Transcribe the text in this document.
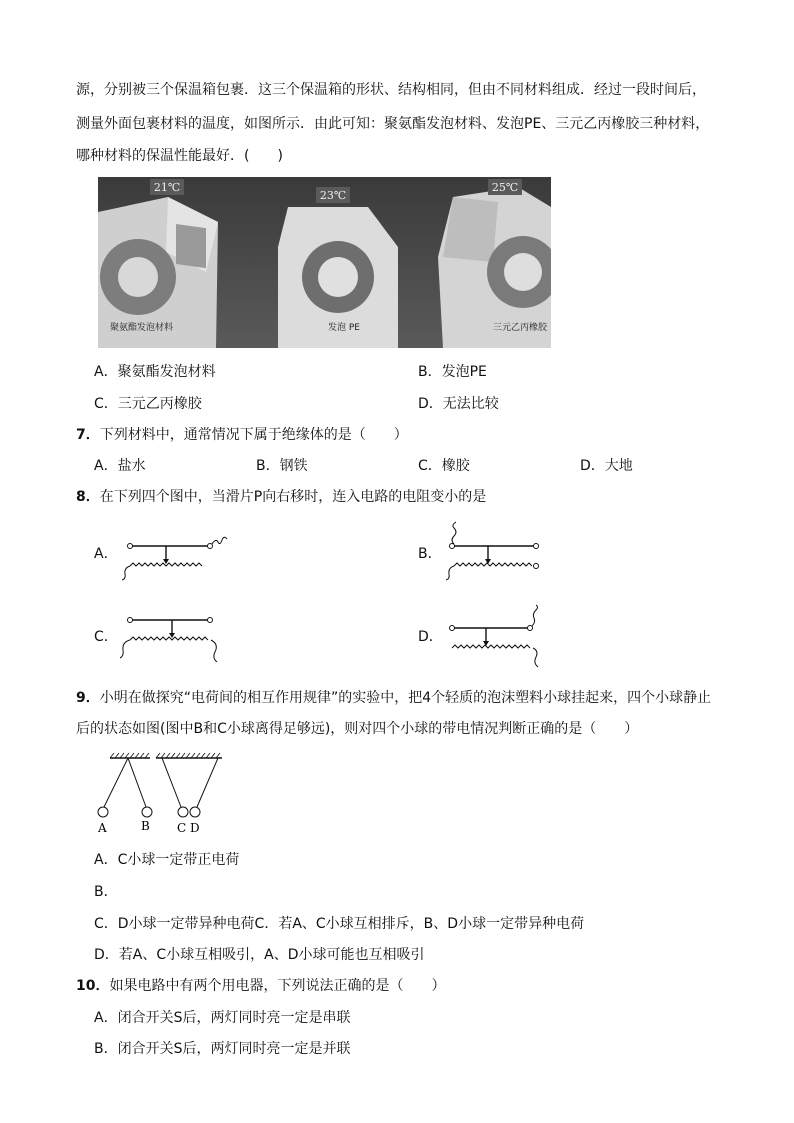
源，分别被三个保温箱包裹．这三个保温箱的形状、结构相同，但由不同材料组成．经过一段时间后，
测量外面包裹材料的温度，如图所示．由此可知：聚氨酯发泡材料、发泡PE、三元乙丙橡胶三种材料，
哪种材料的保温性能最好．(　　)
21℃
23℃
25℃
聚氨酯发泡材料	发泡 PE	三元乙丙橡胶
A．聚氨酯发泡材料	B．发泡PE
C．三元乙丙橡胶	D．无法比较
7．下列材料中，通常情况下属于绝缘体的是（　　）
A．盐水	B．钢铁	C．橡胶	D．大地
8．在下列四个图中，当滑片P向右移时，连入电路的电阻变小的是
A．	B．
C．	D．
9．小明在做探究“电荷间的相互作用规律”的实验中，把4个轻质的泡沫塑料小球挂起来，四个小球静止
后的状态如图(图中B和C小球离得足够远)，则对四个小球的带电情况判断正确的是（　　）
A	B C D
A．C小球一定带正电荷
B．
C．D小球一定带异种电荷C．若A、C小球互相排斥，B、D小球一定带异种电荷
D．若A、C小球互相吸引，A、D小球可能也互相吸引
10．如果电路中有两个用电器，下列说法正确的是（　　）
A．闭合开关S后，两灯同时亮一定是串联
B．闭合开关S后，两灯同时亮一定是并联
